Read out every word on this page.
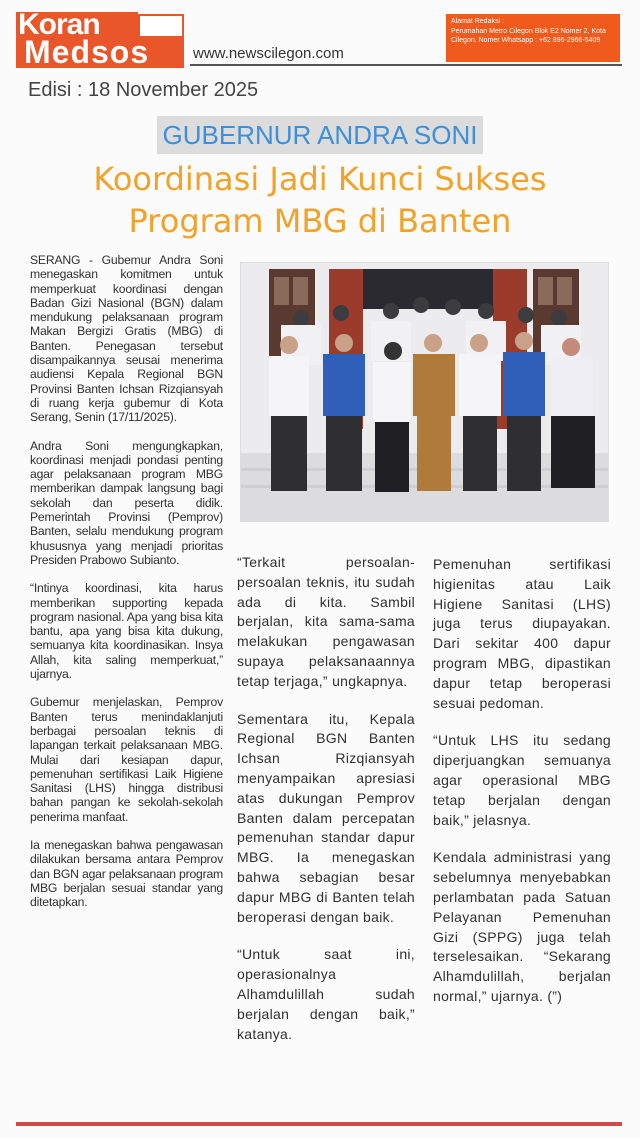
Koran
Medsos	www.newscilegon.com
Alamat Redaksi :
Perumahan Metro Cilegon Blok E2 Nomer 2, Kota Cilegon. Nomer Whatsapp : +62 896-2966-5409
Edisi : 18 November 2025
GUBERNUR ANDRA SONI
Koordinasi Jadi Kunci Sukses
Program MBG di Banten

SERANG - Gubemur Andra Soni menegaskan komitmen untuk memperkuat koordinasi dengan Badan Gizi Nasional (BGN) dalam mendukung pelaksanaan program Makan Bergizi Gratis (MBG) di Banten. Penegasan tersebut disampaikannya seusai menerima audiensi Kepala Regional BGN Provinsi Banten Ichsan Rizqiansyah di ruang kerja gubemur di Kota Serang, Senin (17/11/2025).

Andra Soni mengungkapkan, koordinasi menjadi pondasi penting agar pelaksanaan program MBG memberikan dampak langsung bagi sekolah dan peserta didik. Pemerintah Provinsi (Pemprov) Banten, selalu mendukung program khususnya yang menjadi prioritas Presiden Prabowo Subianto.

“Intinya koordinasi, kita harus memberikan supporting kepada program nasional. Apa yang bisa kita bantu, apa yang bisa kita dukung, semuanya kita koordinasikan. Insya Allah, kita saling memperkuat,” ujarnya.

Gubemur menjelaskan, Pemprov Banten terus menindaklanjuti berbagai persoalan teknis di lapangan terkait pelaksanaan MBG. Mulai dari kesiapan dapur, pemenuhan sertifikasi Laik Higiene Sanitasi (LHS) hingga distribusi bahan pangan ke sekolah-sekolah penerima manfaat.

Ia menegaskan bahwa pengawasan dilakukan bersama antara Pemprov dan BGN agar pelaksanaan program MBG berjalan sesuai standar yang ditetapkan.

“Terkait persoalan-persoalan teknis, itu sudah ada di kita. Sambil berjalan, kita sama-sama melakukan pengawasan supaya pelaksanaannya tetap terjaga,” ungkapnya.

Sementara itu, Kepala Regional BGN Banten Ichsan Rizqiansyah menyampaikan apresiasi atas dukungan Pemprov Banten dalam percepatan pemenuhan standar dapur MBG. Ia menegaskan bahwa sebagian besar dapur MBG di Banten telah beroperasi dengan baik.

“Untuk saat ini, operasionalnya Alhamdulillah sudah berjalan dengan baik,” katanya.

Pemenuhan sertifikasi higienitas atau Laik Higiene Sanitasi (LHS) juga terus diupayakan. Dari sekitar 400 dapur program MBG, dipastikan dapur tetap beroperasi sesuai pedoman.

“Untuk LHS itu sedang diperjuangkan semuanya agar operasional MBG tetap berjalan dengan baik,” jelasnya.

Kendala administrasi yang sebelumnya menyebabkan perlambatan pada Satuan Pelayanan Pemenuhan Gizi (SPPG) juga telah terselesaikan. “Sekarang Alhamdulillah, berjalan normal,” ujarnya. (”)
